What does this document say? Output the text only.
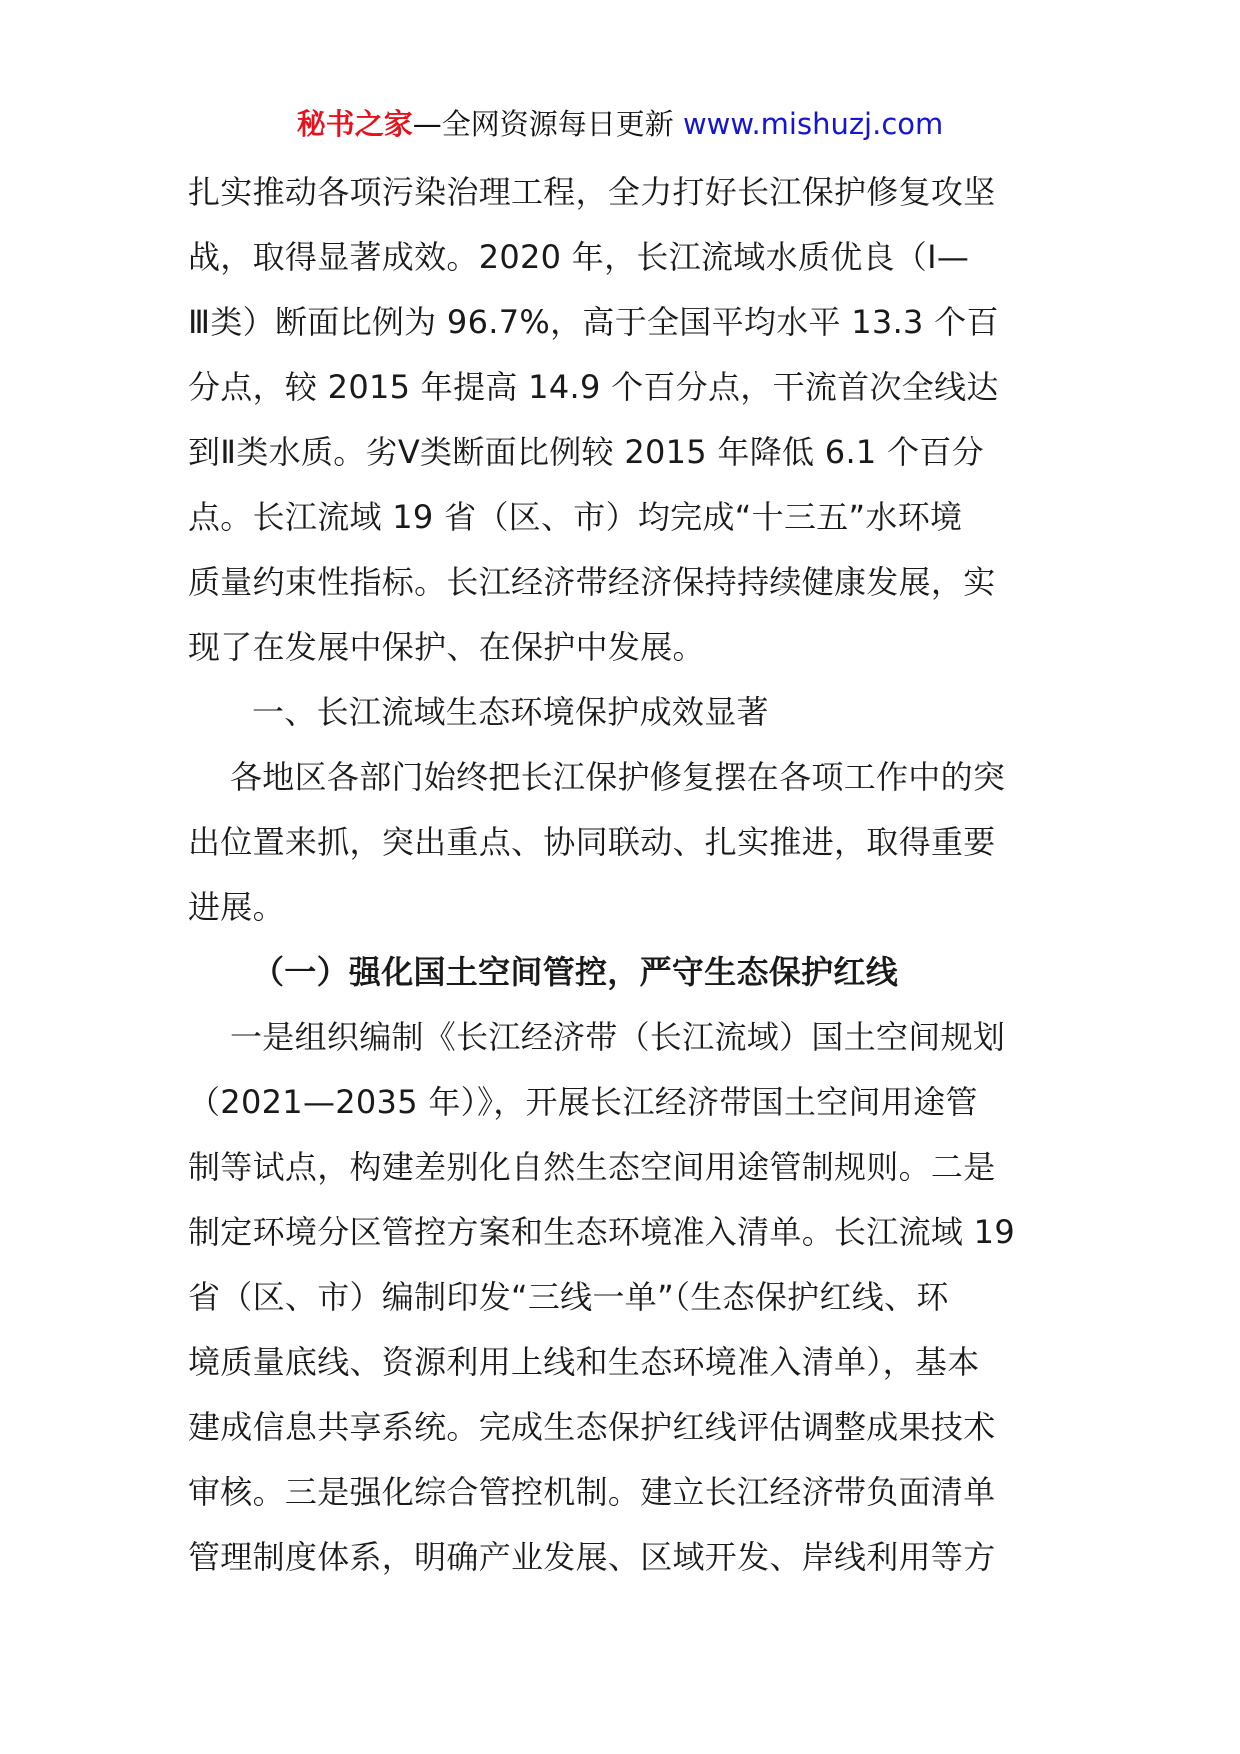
秘书之家—全网资源每日更新 www.mishuzj.com
扎实推动各项污染治理工程，全力打好长江保护修复攻坚
战，取得显著成效。2020 年，长江流域水质优良（Ⅰ—
Ⅲ类）断面比例为 96.7%，高于全国平均水平 13.3 个百
分点，较 2015 年提高 14.9 个百分点，干流首次全线达
到Ⅱ类水质。劣Ⅴ类断面比例较 2015 年降低 6.1 个百分
点。长江流域 19 省（区、市）均完成“十三五”水环境
质量约束性指标。长江经济带经济保持持续健康发展，实
现了在发展中保护、在保护中发展。
一、长江流域生态环境保护成效显著
各地区各部门始终把长江保护修复摆在各项工作中的突
出位置来抓，突出重点、协同联动、扎实推进，取得重要
进展。
（一）强化国土空间管控，严守生态保护红线
一是组织编制《长江经济带（长江流域）国土空间规划
（2021—2035 年）》，开展长江经济带国土空间用途管
制等试点，构建差别化自然生态空间用途管制规则。二是
制定环境分区管控方案和生态环境准入清单。长江流域 19
省（区、市）编制印发“三线一单”（生态保护红线、环
境质量底线、资源利用上线和生态环境准入清单），基本
建成信息共享系统。完成生态保护红线评估调整成果技术
审核。三是强化综合管控机制。建立长江经济带负面清单
管理制度体系，明确产业发展、区域开发、岸线利用等方
